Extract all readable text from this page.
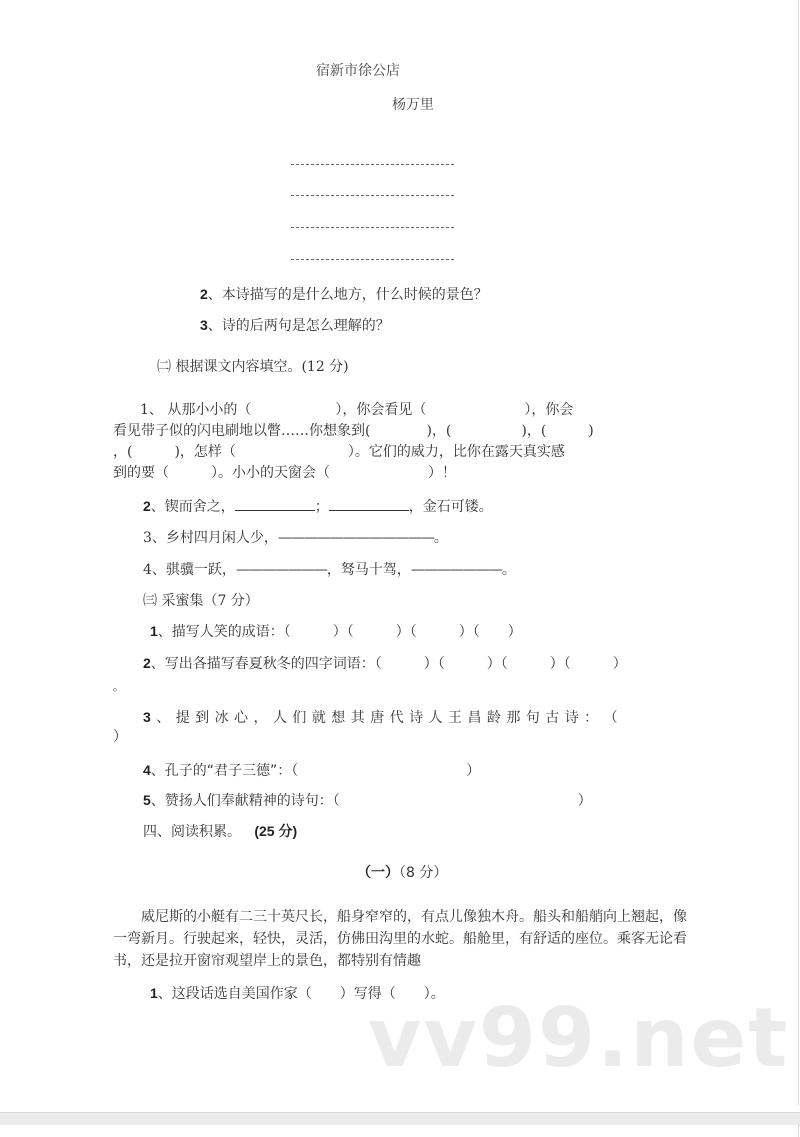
宿新市徐公店
杨万里
2、本诗描写的是什么地方，什么时候的景色？
3、诗的后两句是怎么理解的？
㈡ 根据课文内容填空。(12 分)
1、 从那小小的（　　　　　　），你会看见（　　　　　　　），你会
看见带子似的闪电刷地以瞥……你想象到(　　　　)，(　　　　　)，(　　　)
，(　　　)，怎样（　　　　　　　　）。它们的威力，比你在露天真实感
到的要（　　　）。小小的天窗会（　　　　　　　）！
2、锲而舍之，	；	，金石可镂。
3、乡村四月闲人少，————————————。
4、骐骥一跃，———————，驽马十驾，———————。
㈢ 采蜜集（7 分）
1、描写人笑的成语：（　　　）（　　　）（　　　）（　　）
2、写出各描写春夏秋冬的四字词语：（　　　）（　　　）（　　　）（　　　）
。
3 、 提 到 冰 心 ， 人 们 就 想 其 唐 代 诗 人 王 昌 龄 那 句 古 诗 ： （
）
4、孔子的“君子三德”：（　　　　　　　　　　　　）
5、赞扬人们奉献精神的诗句：（　　　　　　　　　　　　　　　　　）
四、阅读积累。 (25 分)
（一）（8 分）
威尼斯的小艇有二三十英尺长，船身窄窄的，有点儿像独木舟。船头和船艄向上翘起，像一弯新月。行驶起来，轻快，灵活，仿佛田沟里的水蛇。船舱里，有舒适的座位。乘客无论看书，还是拉开窗帘观望岸上的景色，都特别有情趣
1、这段话选自美国作家（　　）写得（　　）。
vv99.net
